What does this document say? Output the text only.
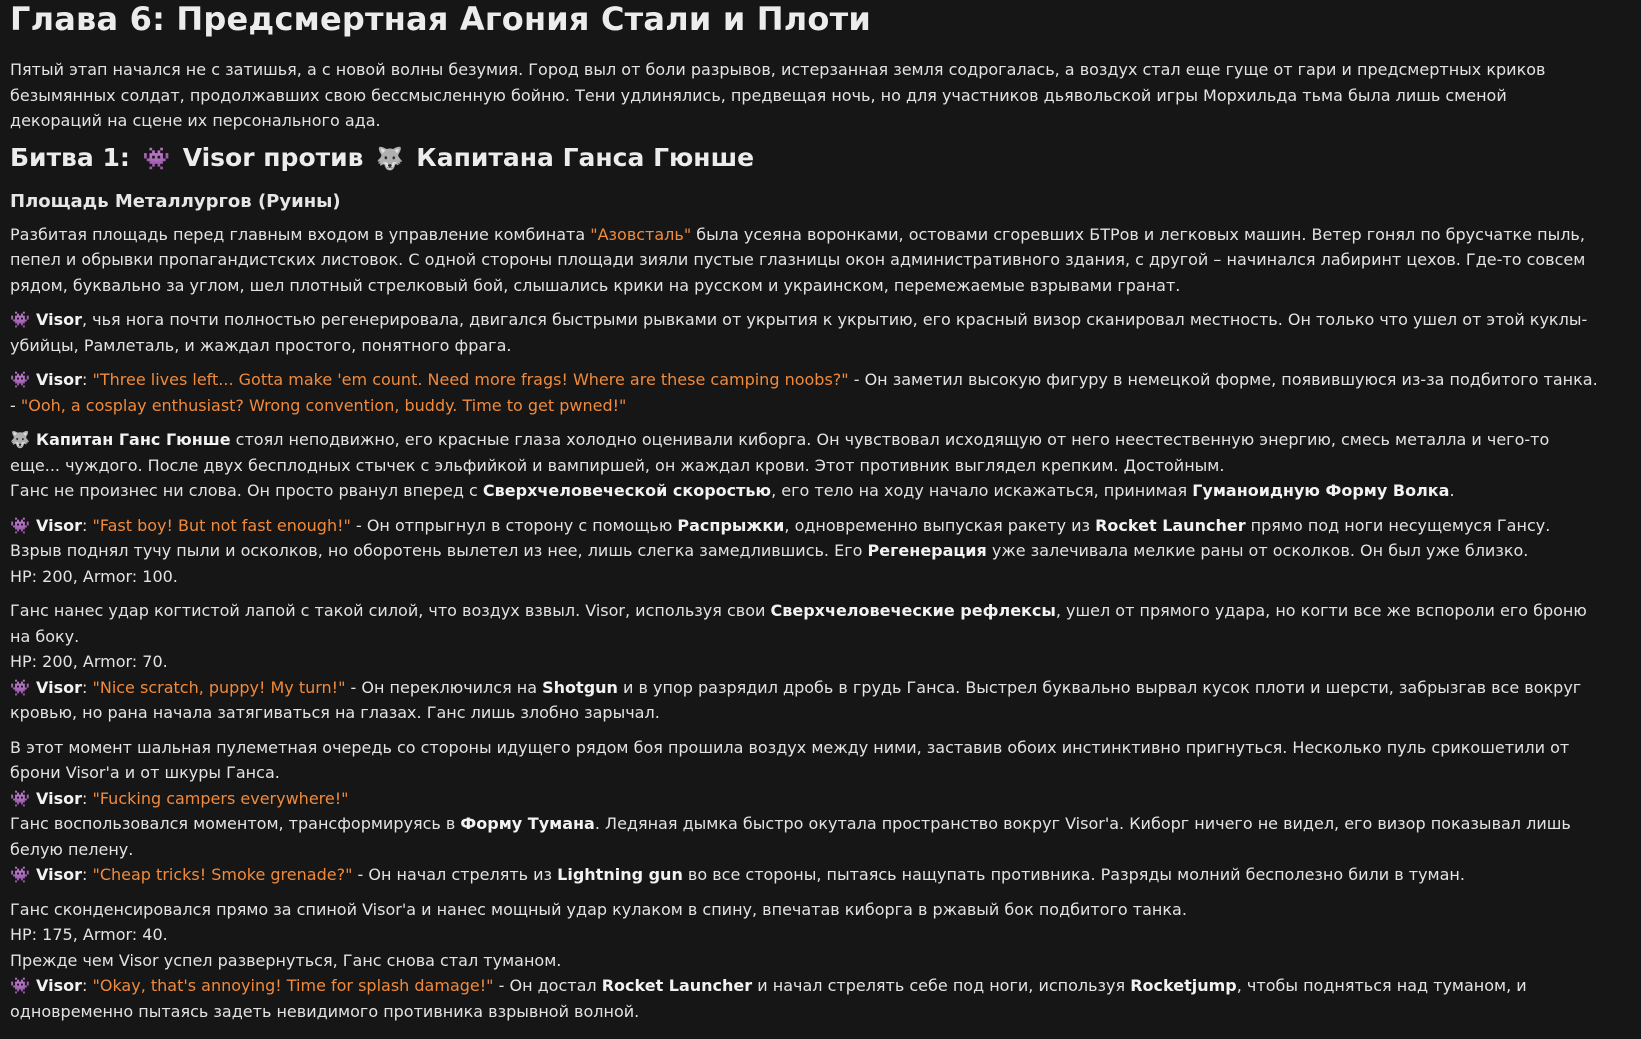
Глава 6: Предсмертная Агония Стали и Плоти

Пятый этап начался не с затишья, а с новой волны безумия. Город выл от боли разрывов, истерзанная земля содрогалась, а воздух стал еще гуще от гари и предсмертных криков безымянных солдат, продолжавших свою бессмысленную бойню. Тени удлинялись, предвещая ночь, но для участников дьявольской игры Морхильда тьма была лишь сменой декораций на сцене их персонального ада.

Битва 1: 👾 Visor против 🐺 Капитана Ганса Гюнше
Площадь Металлургов (Руины)

Разбитая площадь перед главным входом в управление комбината "Азовсталь" была усеяна воронками, остовами сгоревших БТРов и легковых машин. Ветер гонял по брусчатке пыль, пепел и обрывки пропагандистских листовок. С одной стороны площади зияли пустые глазницы окон административного здания, с другой – начинался лабиринт цехов. Где-то совсем рядом, буквально за углом, шел плотный стрелковый бой, слышались крики на русском и украинском, перемежаемые взрывами гранат.

👾 Visor, чья нога почти полностью регенерировала, двигался быстрыми рывками от укрытия к укрытию, его красный визор сканировал местность. Он только что ушел от этой куклы-убийцы, Рамлеталь, и жаждал простого, понятного фрага.

👾 Visor: "Three lives left... Gotta make 'em count. Need more frags! Where are these camping noobs?" - Он заметил высокую фигуру в немецкой форме, появившуюся из-за подбитого танка. - "Ooh, a cosplay enthusiast? Wrong convention, buddy. Time to get pwned!"

🐺 Капитан Ганс Гюнше стоял неподвижно, его красные глаза холодно оценивали киборга. Он чувствовал исходящую от него неестественную энергию, смесь металла и чего-то еще... чуждого. После двух бесплодных стычек с эльфийкой и вампиршей, он жаждал крови. Этот противник выглядел крепким. Достойным.
Ганс не произнес ни слова. Он просто рванул вперед с Сверхчеловеческой скоростью, его тело на ходу начало искажаться, принимая Гуманоидную Форму Волка.

👾 Visor: "Fast boy! But not fast enough!" - Он отпрыгнул в сторону с помощью Распрыжки, одновременно выпуская ракету из Rocket Launcher прямо под ноги несущемуся Гансу. Взрыв поднял тучу пыли и осколков, но оборотень вылетел из нее, лишь слегка замедлившись. Его Регенерация уже залечивала мелкие раны от осколков. Он был уже близко.
HP: 200, Armor: 100.

Ганс нанес удар когтистой лапой с такой силой, что воздух взвыл. Visor, используя свои Сверхчеловеческие рефлексы, ушел от прямого удара, но когти все же вспороли его броню на боку.
HP: 200, Armor: 70.
👾 Visor: "Nice scratch, puppy! My turn!" - Он переключился на Shotgun и в упор разрядил дробь в грудь Ганса. Выстрел буквально вырвал кусок плоти и шерсти, забрызгав все вокруг кровью, но рана начала затягиваться на глазах. Ганс лишь злобно зарычал.

В этот момент шальная пулеметная очередь со стороны идущего рядом боя прошила воздух между ними, заставив обоих инстинктивно пригнуться. Несколько пуль срикошетили от брони Visor'а и от шкуры Ганса.
👾 Visor: "Fucking campers everywhere!"
Ганс воспользовался моментом, трансформируясь в Форму Тумана. Ледяная дымка быстро окутала пространство вокруг Visor'а. Киборг ничего не видел, его визор показывал лишь белую пелену.
👾 Visor: "Cheap tricks! Smoke grenade?" - Он начал стрелять из Lightning gun во все стороны, пытаясь нащупать противника. Разряды молний бесполезно били в туман.

Ганс сконденсировался прямо за спиной Visor'а и нанес мощный удар кулаком в спину, впечатав киборга в ржавый бок подбитого танка.
HP: 175, Armor: 40.
Прежде чем Visor успел развернуться, Ганс снова стал туманом.
👾 Visor: "Okay, that's annoying! Time for splash damage!" - Он достал Rocket Launcher и начал стрелять себе под ноги, используя Rocketjump, чтобы подняться над туманом, и одновременно пытаясь задеть невидимого противника взрывной волной.
